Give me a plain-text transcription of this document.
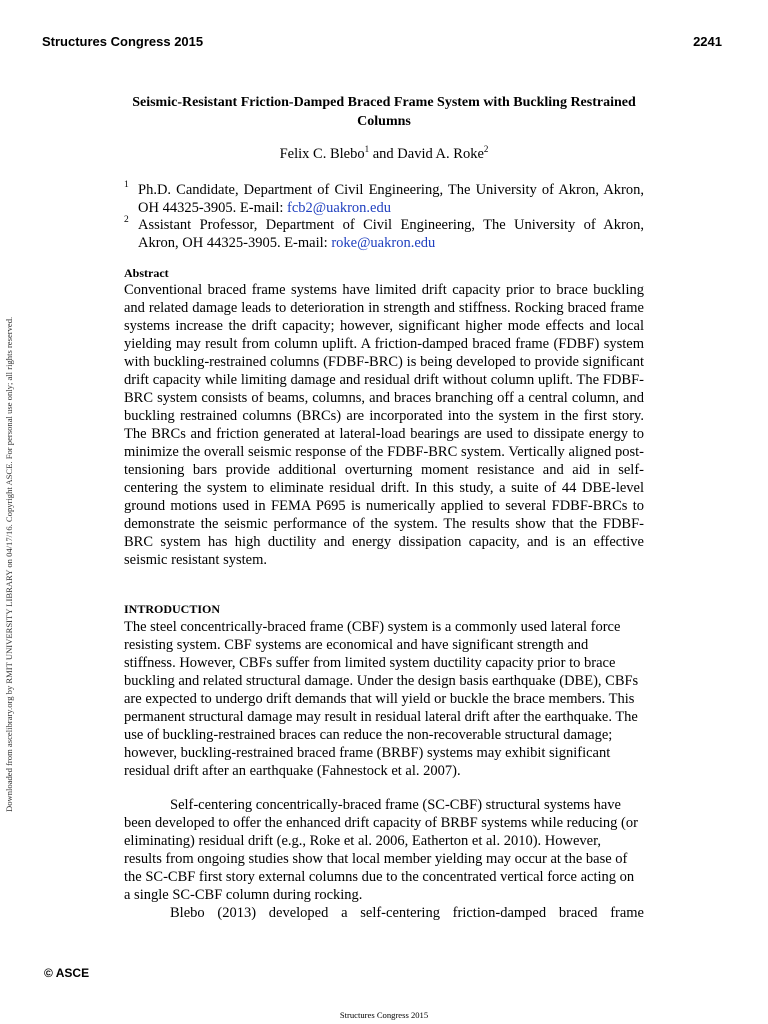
Structures Congress 2015	2241
Downloaded from ascelibrary.org by RMIT UNIVERSITY LIBRARY on 04/17/16. Copyright ASCE. For personal use only; all rights reserved.
Seismic-Resistant Friction-Damped Braced Frame System with Buckling Restrained Columns
Felix C. Blebo$^1$ and David A. Roke$^2$
1 Ph.D. Candidate, Department of Civil Engineering, The University of Akron, Akron, OH 44325-3905. E-mail: fcb2@uakron.edu
2 Assistant Professor, Department of Civil Engineering, The University of Akron, Akron, OH 44325-3905. E-mail: roke@uakron.edu
Abstract

Conventional braced frame systems have limited drift capacity prior to brace buckling and related damage leads to deterioration in strength and stiffness. Rocking braced frame systems increase the drift capacity; however, significant higher mode effects and local yielding may result from column uplift. A friction-damped braced frame (FDBF) system with buckling-restrained columns (FDBF-BRC) is being developed to provide significant drift capacity while limiting damage and residual drift without column uplift. The FDBF-BRC system consists of beams, columns, and braces branching off a central column, and buckling restrained columns (BRCs) are incorporated into the system in the first story. The BRCs and friction generated at lateral-load bearings are used to dissipate energy to minimize the overall seismic response of the FDBF-BRC system. Vertically aligned post-tensioning bars provide additional overturning moment resistance and aid in self-centering the system to eliminate residual drift. In this study, a suite of 44 DBE-level ground motions used in FEMA P695 is numerically applied to several FDBF-BRCs to demonstrate the seismic performance of the system. The results show that the FDBF-BRC system has high ductility and energy dissipation capacity, and is an effective seismic resistant system.

INTRODUCTION

The steel concentrically-braced frame (CBF) system is a commonly used lateral force resisting system. CBF systems are economical and have significant strength and stiffness. However, CBFs suffer from limited system ductility capacity prior to brace buckling and related structural damage. Under the design basis earthquake (DBE), CBFs are expected to undergo drift demands that will yield or buckle the brace members. This permanent structural damage may result in residual lateral drift after the earthquake. The use of buckling-restrained braces can reduce the non-recoverable structural damage; however, buckling-restrained braced frame (BRBF) systems may exhibit significant residual drift after an earthquake (Fahnestock et al. 2007).

Self-centering concentrically-braced frame (SC-CBF) structural systems have been developed to offer the enhanced drift capacity of BRBF systems while reducing (or eliminating) residual drift (e.g., Roke et al. 2006, Eatherton et al. 2010). However, results from ongoing studies show that local member yielding may occur at the base of the SC-CBF first story external columns due to the concentrated vertical force acting on a single SC-CBF column during rocking.

Blebo (2013) developed a self-centering friction-damped braced frame

© ASCE
Structures Congress 2015
